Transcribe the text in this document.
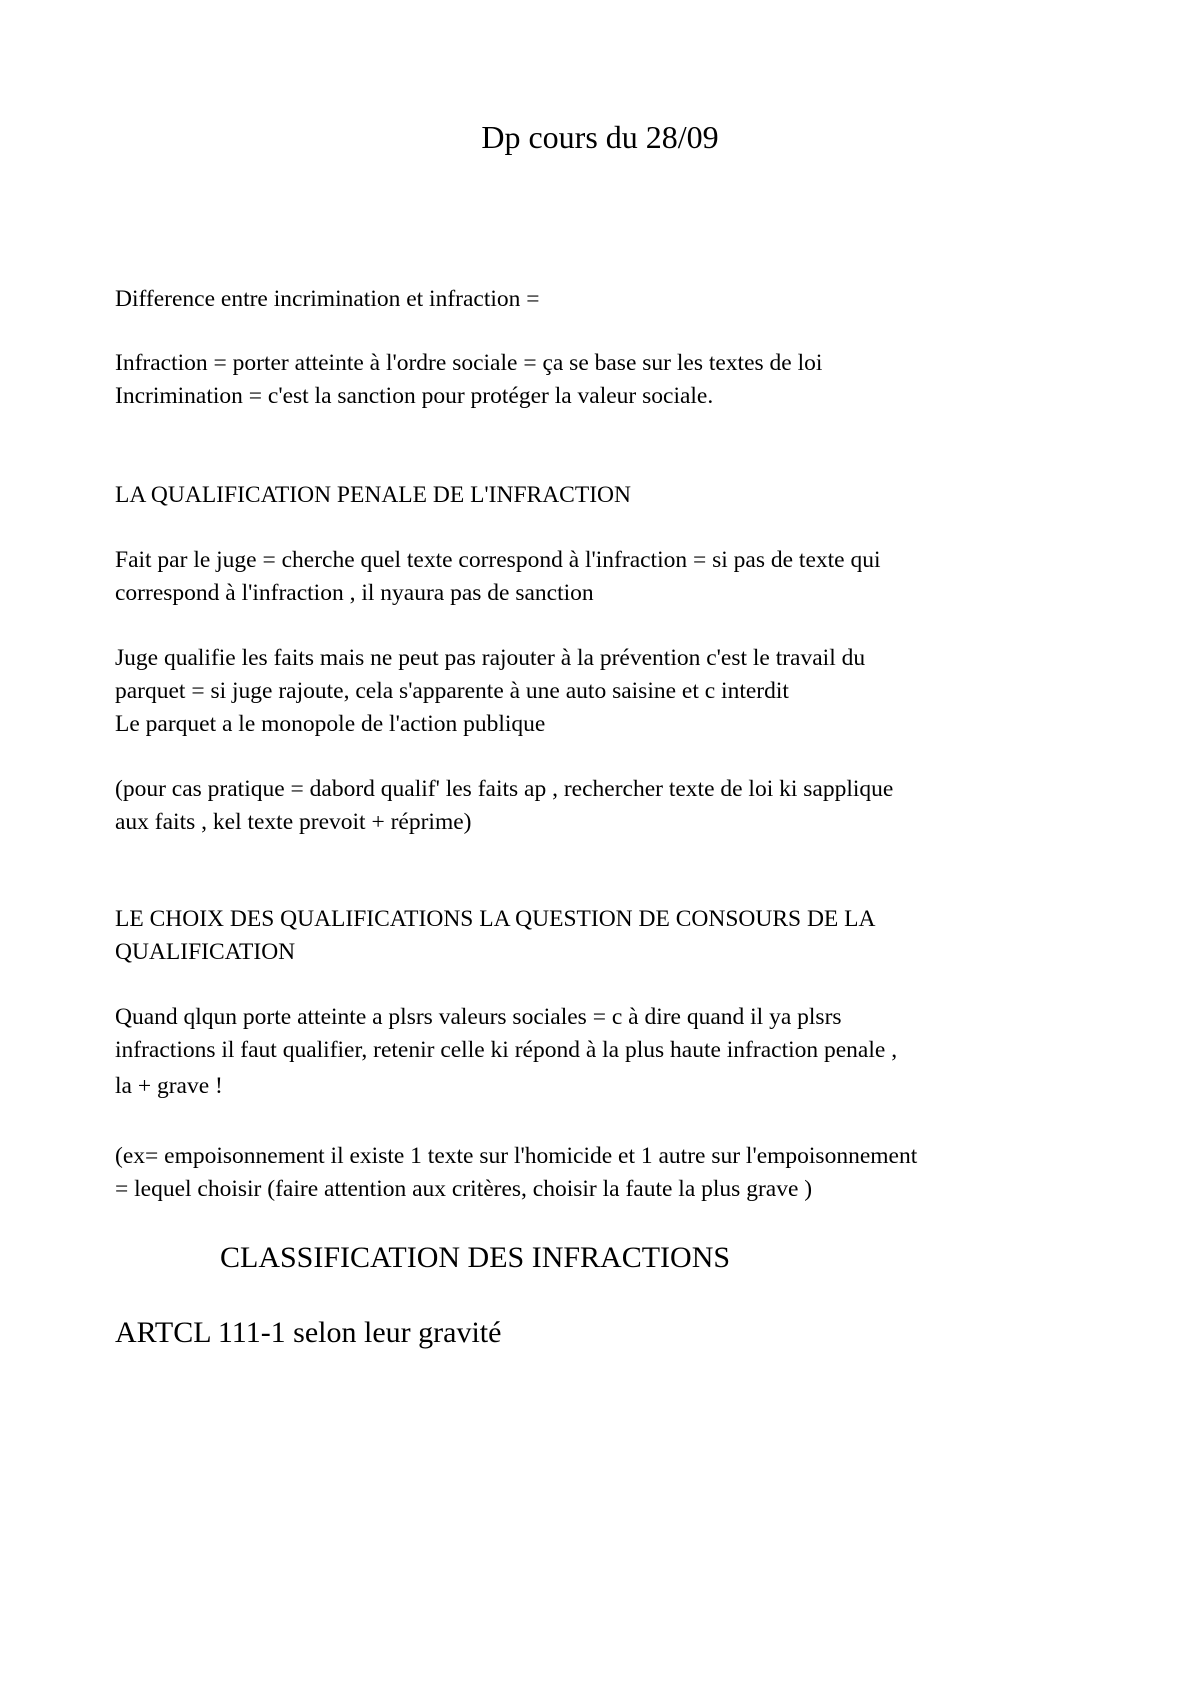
Dp cours du 28/09
Difference entre incrimination et infraction =
Infraction = porter atteinte à l'ordre sociale = ça se base sur les textes de loi
Incrimination = c'est la sanction pour protéger la valeur sociale.
LA QUALIFICATION PENALE DE L'INFRACTION
Fait par le juge = cherche quel texte correspond à l'infraction = si pas de texte qui
correspond à l'infraction , il nyaura pas de sanction
Juge qualifie les faits mais ne peut pas rajouter à la prévention c'est le travail du
parquet = si juge rajoute, cela s'apparente à une auto saisine et c interdit
Le parquet a le monopole de l'action publique
(pour cas pratique = dabord qualif' les faits ap , rechercher texte de loi ki sapplique
aux faits , kel texte prevoit + réprime)
LE CHOIX DES QUALIFICATIONS LA QUESTION DE CONSOURS DE LA
QUALIFICATION
Quand qlqun porte atteinte a plsrs valeurs sociales = c à dire quand il ya plsrs
infractions il faut qualifier, retenir celle ki répond à la plus haute infraction penale ,
la + grave !
(ex= empoisonnement il existe 1 texte sur l'homicide et 1 autre sur l'empoisonnement
= lequel choisir (faire attention aux critères, choisir la faute la plus grave )
CLASSIFICATION DES INFRACTIONS
ARTCL 111-1 selon leur gravité
